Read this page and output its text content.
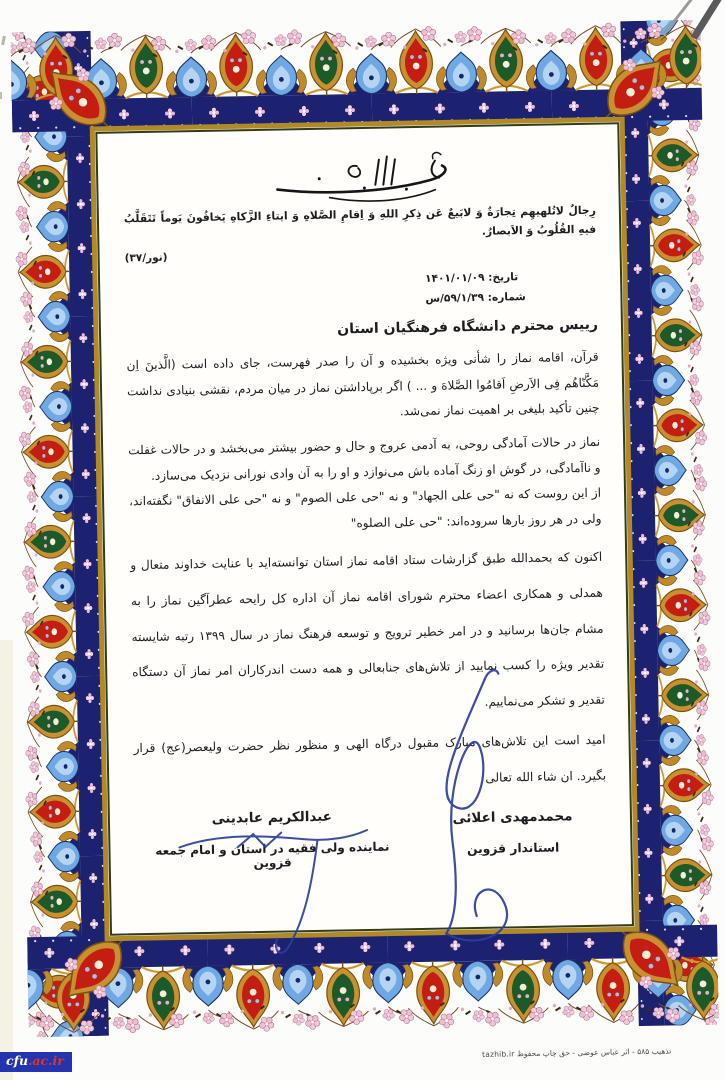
رِجالٌ لاتُلهیهِم تِجارَةٌ وَ لابَیعٌ عَن ذِکرِ اللهِ وَ اِقامِ الصَّلاهِ وَ ایتاءِ الزَّکاهِ یَخافُونَ یَوماً تَتَقَلَّبُ فیهِ القُلُوبُ وَ الاَبصارُ.

(نور/۳۷)
تاریخ: ۱۴۰۱/۰۱/۰۹
شماره: ۵۹/۱/۳۹/س
رییس محترم دانشگاه فرهنگیان استان

قرآن، اقامه نماز را شأنی ویژه بخشیده و آن را صدر فهرست، جای داده است (الَّذینَ اِن مَکَّنّاهُم فِی الاَرضِ اَقامُوا الصَّلاهَ و ... ) اگر برپاداشتن نماز در میان مردم، نقشی بنیادی نداشت چنین تأکید بلیغی بر اهمیت نماز نمی‌شد.

نماز در حالات آمادگی روحی، به آدمی عروج و حال و حضور بیشتر می‌بخشد و در حالات غفلت و ناآمادگی، در گوش او زنگ آماده باش می‌نوازد و او را به آن وادی نورانی نزدیک می‌سازد.

از این روست که نه "حی علی الجهاد" و نه "حی علی الصوم" و نه "حی علی الانفاق" نگفته‌اند، ولی در هر روز بارها سروده‌اند: "حی علی الصلوه"

اکنون که بحمدالله طبق گزارشات ستاد اقامه نماز استان توانسته‌اید با عنایت خداوند متعال و همدلی و همکاری اعضاء محترم شورای اقامه نماز آن اداره کل رایحه عطرآگین نماز را به مشام جان‌ها برسانید و در امر خطیر ترویج و توسعه فرهنگ نماز در سال ۱۳۹۹ رتبه شایسته تقدیر ویژه را کسب نمایید از تلاش‌های جنابعالی و همه دست اندرکاران امر نماز آن دستگاه تقدیر و تشکر می‌نماییم.

امید است این تلاش‌های مبارک مقبول درگاه الهی و منظور نظر حضرت ولیعصر(عج) قرار بگیرد. ان شاء الله تعالی

محمدمهدی اعلائی
استاندار قزوین
عبدالکریم عابدینی
نماینده ولی فقیه در استان و امام جمعه قزوین
تذهیب ۵۸۵ - اثر عباس عوضی - حق چاپ محفوظ tazhib.ir
cfu.ac.ir
